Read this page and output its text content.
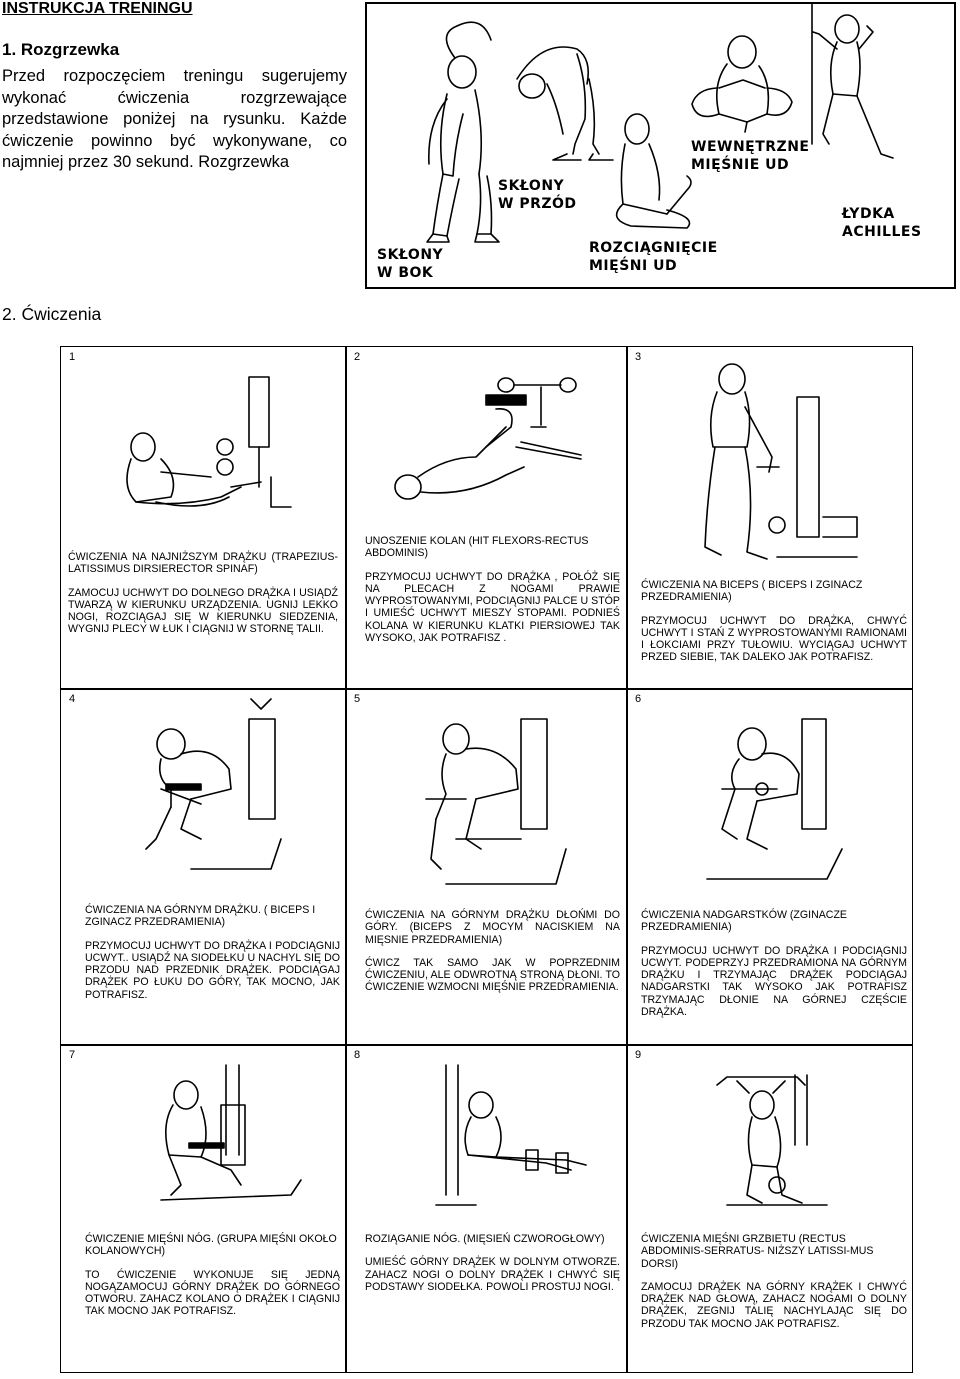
INSTRUKCJA TRENINGU
1. Rozgrzewka
Przed rozpoczęciem treningu sugerujemy wykonać ćwiczenia rozgrzewające przedstawione poniżej na rysunku. Każde ćwiczenie powinno być wykonywane, co najmniej przez 30 sekund. Rozgrzewka
SKŁONY
W BOK
SKŁONY
W PRZÓD
ROZCIĄGNIĘCIE
MIĘŚNI UD
WEWNĘTRZNE
MIĘŚNIE UD
ŁYDKA
ACHILLES
2. Ćwiczenia
1

ĆWICZENIA NA NAJNIŻSZYM DRĄŻKU (TRAPEZIUS-LATISSIMUS DIRSIERECTOR SPINAF)

ZAMOCUJ UCHWYT DO DOLNEGO DRĄŻKA I USIĄDŹ TWARZĄ W KIERUNKU URZĄDZENIA. UGNIJ LEKKO NOGI, ROZCIĄGAJ SIĘ W KIERUNKU SIEDZENIA, WYGNIJ PLECY W ŁUK I CIĄGNIJ W STORNĘ TALII.

2

UNOSZENIE KOLAN (HIT FLEXORS-RECTUS ABDOMINIS)

PRZYMOCUJ UCHWYT DO DRĄŻKA , POŁÓŻ SIĘ NA PLECACH Z NOGAMI PRAWIE WYPROSTOWANYMI, PODCIĄGNIJ PALCE U STÓP I UMIEŚĆ UCHWYT MIESZY STOPAMI. PODNIEŚ KOLANA W KIERUNKU KLATKI PIERSIOWEJ TAK WYSOKO, JAK POTRAFISZ .

3

ĆWICZENIA NA BICEPS ( BICEPS I ZGINACZ PRZEDRAMIENIA)

PRZYMOCUJ UCHWYT DO DRĄŻKA, CHWYĆ UCHWYT I STAŃ Z WYPROSTOWANYMI RAMIONAMI I ŁOKCIAMI PRZY TUŁOWIU. WYCIĄGAJ UCHWYT PRZED SIEBIE, TAK DALEKO JAK POTRAFISZ.

4

ĆWICZENIA NA GÓRNYM DRĄŻKU. ( BICEPS I ZGINACZ PRZEDRAMIENIA)

PRZYMOCUJ UCHWYT DO DRĄŻKA I PODCIĄGNIJ UCWYT.. USIĄDŹ NA SIODEŁKU U NACHYL SIĘ DO PRZODU NAD PRZEDNIK DRĄŻEK. PODCIĄGAJ DRĄŻEK PO ŁUKU DO GÓRY, TAK MOCNO, JAK POTRAFISZ.

5

ĆWICZENIA NA GÓRNYM DRĄŻKU DŁOŃMI DO GÓRY. (BICEPS Z MOCYM NACISKIEM NA MIĘSNIE PRZEDRAMIENIA)

ĆWICZ TAK SAMO JAK W POPRZEDNIM ĆWICZENIU, ALE ODWROTNĄ STRONĄ DŁONI. TO ĆWICZENIE WZMOCNI MIĘŚNIE PRZEDRAMIENIA.

6

ĆWICZENIA NADGARSTKÓW (ZGINACZE PRZEDRAMIENIA)

PRZYMOCUJ UCHWYT DO DRĄŻKA I PODCIĄGNIJ UCWYT. PODEPRZYJ PRZEDRAMIONA NA GÓRNYM DRĄŻKU I TRZYMAJĄC DRĄŻEK PODCIĄGAJ NADGARSTKI TAK WYSOKO JAK POTRAFISZ TRZYMAJĄC DŁONIE NA GÓRNEJ CZĘŚCIE DRĄŻKA.

7

ĆWICZENIE MIĘŚNI NÓG. (GRUPA MIĘŚNI OKOŁO KOLANOWYCH)

TO ĆWICZENIE WYKONUJE SIĘ JEDNĄ NOGĄZAMOCUJ GÓRNY DRĄŻEK DO GÓRNEGO OTWORU. ZAHACZ KOLANO O DRĄŻEK I CIĄGNIJ TAK MOCNO JAK POTRAFISZ.

8

ROZIĄGANIE NÓG. (MIĘSIEŃ CZWOROGŁOWY)

UMIEŚĆ GÓRNY DRĄŻEK W DOLNYM OTWORZE. ZAHACZ NOGI O DOLNY DRĄŻEK I CHWYĆ SIĘ PODSTAWY SIODEŁKA. POWOLI PROSTUJ NOGI.

9

ĆWICZENIA MIĘŚNI GRZBIETU (RECTUS ABDOMINIS-SERRATUS- NIŻSZY LATISSI-MUS DORSI)

ZAMOCUJ DRĄŻEK NA GÓRNY KRĄŻEK I CHWYĆ DRĄŻEK NAD GŁOWĄ, ZAHACZ NOGAMI O DOLNY DRĄŻEK, ZEGNIJ TALIĘ NACHYLAJĄC SIĘ DO PRZODU TAK MOCNO JAK POTRAFISZ.
